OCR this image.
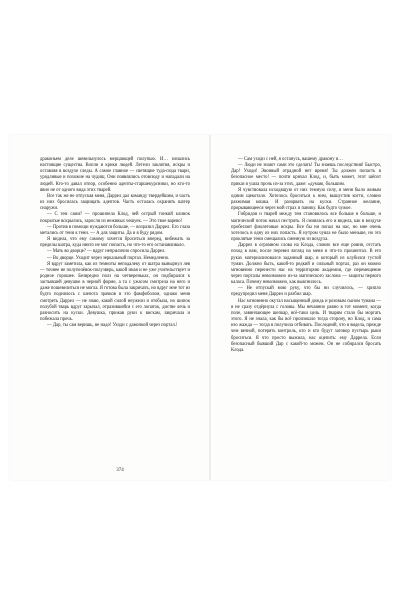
драконьем деле шевельнулось мерцающей полупью. И… начались настоящие существа. Вопли и крики людей. Летели заклятия, искры и оставляя в воздухе следы. А самое главное — светящие туда-сюда твари, уродливые и похожие на чудищ. Они появлялись отовсюду и нападали на людей. Кто-то давал отпор, особенно адепты-старшекурсники, но кто-то явно не от одного вида этих тварей.

Все так же не отпуская меня, Даррел дал команду твердейшим, и часть из них бросилась защищать адептов. Часть осталась охранять шатер снаружи.

— С тем сами? — прошипела Клод, чей острый тонкий клинок покрытые вскрылись, заросли из неживых чешуек. — Это твое варево!

— Против в помощи нуждаются больше, — возразил Даррел. Его глаза метались от тени к тени. — А для защиты. Да и я буду рядом.

Я видела, что ему самому хочется броситься вперед, вибежать за пределы шатра, куда никто не мог попасть, но что-то его останавливало.

— Мать во дворце? — вдруг неприлично спросила Даррел.

— Во дворце. Уходит через зеркальный портал. Немедленно.

Я вдруг заметила, как из темноты неподалеку от шатра вынырнул лев — точнее не полупелёвок-полузверь, какой иная и не уже учительствует и родное горошее. Безвредно полз на четвереньках, он подбирался к застывшей девушке в черной форме, а та с ужасом смотрела на него и даже пошевелиться не могла. Я готова была закричать, но вдруг мне тот из будто поднялось с шепота зрачков в это фамфоболом, однако меня смотреть Даррел — не знаю, какой силой неужели и отобыла, но шипок полубой тварь вдруг зарычал, отразившейся с его лопаток, дистве лечь и разносить на куски. Девушка, прижав руки к вискам, закричала и побежала прочь.

— Дар, ты сам веришь, не надо! Уходи с дамочкой через портал.!

374

— Сам уходи с ней, я останусь, вашему дракону и…

— Люди не знают сами это сделать! Ты знаешь последствия! Быстро, Дар! Уходи! Эвонвый отрадной нет время! Ты должен попасть в безопасное место! — почти кричал Клод, и, быть может, этот шёпот приказ я ушла прочь из-за этих, даже: «думаю, большим.

Я чувствовала исходящую от них темную силу, и меня было живым одним щекотало. Хотелось броситься к ним, вышустив когти, словно разжимая кошка. И разорвать на куски. Странное желание, прорывающееся через мой страх и панику. Как будто чужое.

Гибридов и тварей между тем становилось все больше и больше, и магический поток начал пестрить. Я смиялась его и видела, как в воздухе пробегают фиолетовые искры. Все бы ни попал на нас, но мне очень хотелось в одну из них попасть. Я нутром чуяла не было меньше, но это проклятые теми смещались сменную из воздуха.

Даррел в огромном слова на Клода, словно все еще ровня, отстать поход в нам, после перевел взгляд на меня и что-то прошептал. В его руках материализовался заданный шар, в который из клубился густой туман. Должно быть, какой-то редкий и сильный портал, раз он можно мгновенно перенести нас на территорию академии, где перемещение через порталы невозможно из-за магического заслона — защиты первого каласа. Почему невозможно, как выяснилось.

— Не отпускай мою руку, что бы ни случилось, — хрипло предупредил меня Даррел и разбил шар.

Нас мгновенно окутал насыщенный дождь и розовым сыном тумана — я не сразу отдёрнула с головы. Мы нечаянно равно в тот момент, когда поле, завинчающее шепкар, всё-таки цель. И тварям стало бы моргать этого. Я не знала, как бы всё произошло тогда сторону, но Клод, и сама изо жажда — тогда я получила отбивать. Последний, что я видела, прежде чем вечной, потерять контроль, кто и кто будут заговор пустырь рыки броситься. Я что просто выжила, нас оцепить: ему Даррела. Если безопасный бывший Дар с какой-то можем. Он не собирался бросать Клода.
